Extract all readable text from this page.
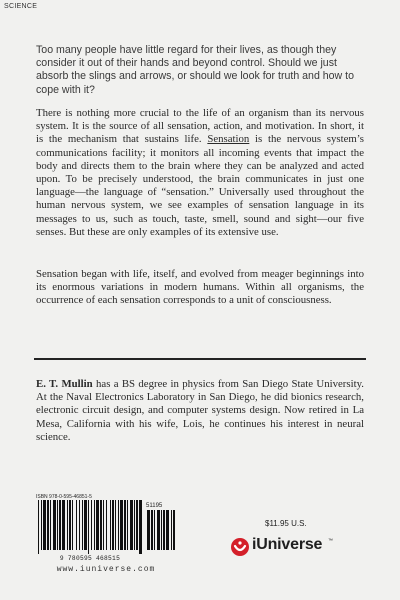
SCIENCE

Too many people have little regard for their lives, as though they consider it out of their hands and beyond control. Should we just absorb the slings and arrows, or should we look for truth and how to cope with it?

There is nothing more crucial to the life of an organism than its nervous system. It is the source of all sensation, action, and motivation. In short, it is the mechanism that sustains life. Sensation is the nervous system’s communications facility; it monitors all incoming events that impact the body and directs them to the brain where they can be analyzed and acted upon. To be precisely understood, the brain communicates in just one language—the language of “sensation.” Universally used throughout the human nervous system, we see examples of sensation language in its messages to us, such as touch, taste, smell, sound and sight—our five senses. But these are only examples of its extensive use.

Sensation began with life, itself, and evolved from meager beginnings into its enormous variations in modern humans. Within all organisms, the occurrence of each sensation corresponds to a unit of consciousness.

E. T. Mullin has a BS degree in physics from San Diego State University. At the Naval Electronics Laboratory in San Diego, he did bionics research, electronic circuit design, and computer systems design. Now retired in La Mesa, California with his wife, Lois, he continues his interest in neural science.

ISBN 978-0-595-46851-5
51195
9 780595 468515
www.iuniverse.com
$11.95 U.S.
iUniverse ™
